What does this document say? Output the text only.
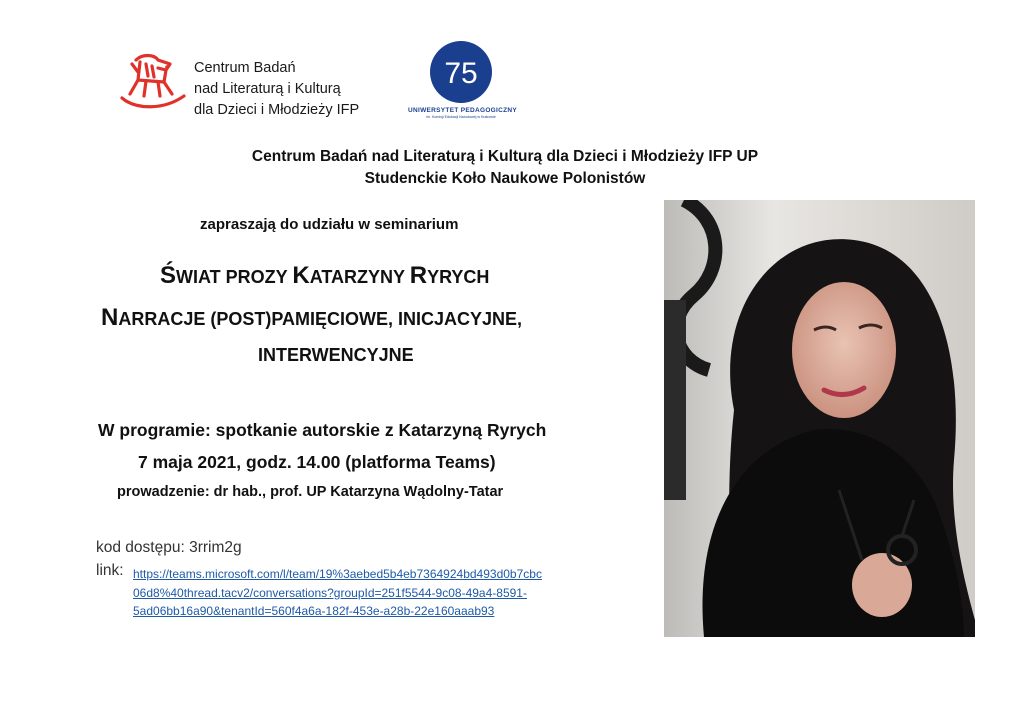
Centrum Badań
nad Literaturą i Kulturą
dla Dzieci i Młodzieży IFP
75
UNIWERSYTET PEDAGOGICZNY
im. Komisji Edukacji Narodowej w Krakowie
Centrum Badań nad Literaturą i Kulturą dla Dzieci i Młodzieży IFP UP
Studenckie Koło Naukowe Polonistów
zapraszają do udziału w seminarium
ŚWIAT PROZY KATARZYNY RYRYCH
NARRACJE (POST)PAMIĘCIOWE, INICJACYJNE,
INTERWENCYJNE
W programie: spotkanie autorskie z Katarzyną Ryrych
7 maja 2021, godz. 14.00 (platforma Teams)
prowadzenie: dr hab., prof. UP Katarzyna Wądolny-Tatar
kod dostępu: 3rrim2g
link: https://teams.microsoft.com/l/team/19%3aebed5b4eb7364924bd493d0b7cbc
06d8%40thread.tacv2/conversations?groupId=251f5544-9c08-49a4-8591-
5ad06bb16a90&tenantId=560f4a6a-182f-453e-a28b-22e160aaab93
